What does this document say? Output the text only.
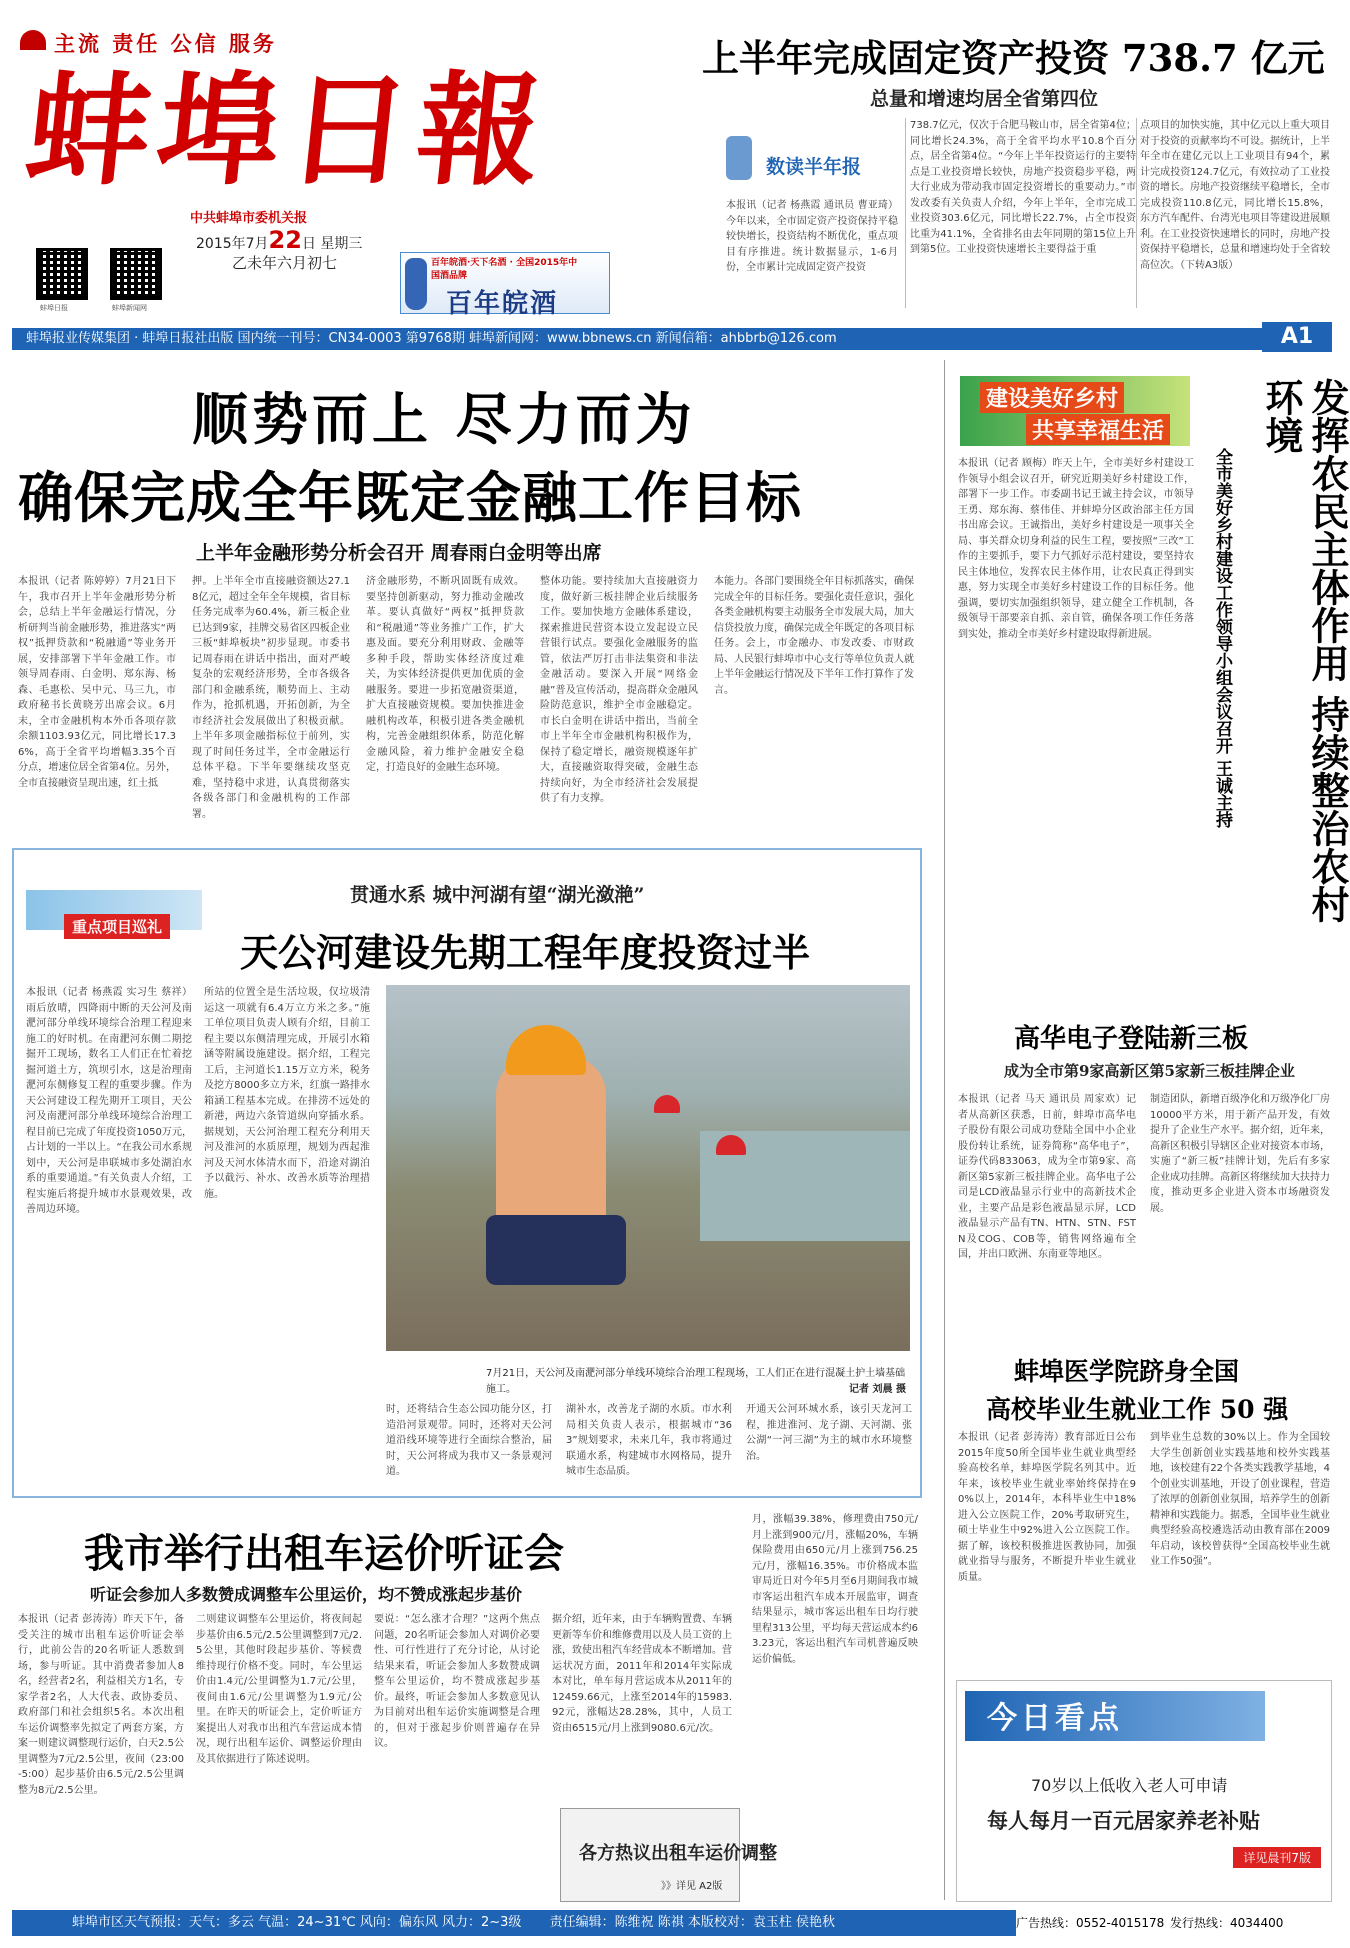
主流 责任 公信 服务
蚌埠日報
蚌埠日报	蚌埠新闻网
中共蚌埠市委机关报
2015年7月22日 星期三
乙未年六月初七	百年皖酒·天下名酒 · 全国2015年中国酒品牌
百年皖酒
上半年完成固定资产投资 738.7 亿元
总量和增速均居全省第四位
数读半年报
本报讯（记者 杨燕霞 通讯员 曹亚琦）今年以来，全市固定资产投资保持平稳较快增长，投资结构不断优化，重点项目有序推进。统计数据显示，1-6月份，全市累计完成固定资产投资
738.7亿元，仅次于合肥马鞍山市，居全省第4位；同比增长24.3%，高于全省平均水平10.8个百分点，居全省第4位。“今年上半年投资运行的主要特点是工业投资增长较快，房地产投资稳步平稳，两大行业成为带动我市固定投资增长的重要动力。”市发改委有关负责人介绍，今年上半年，全市完成工业投资303.6亿元，同比增长22.7%，占全市投资比重为41.1%，全省排名由去年同期的第15位上升到第5位。工业投资快速增长主要得益于重
点项目的加快实施，其中亿元以上重大项目对于投资的贡献率均不可设。据统计，上半年全市在建亿元以上工业项目有94个，累计完成投资124.7亿元，有效拉动了工业投资的增长。房地产投资继续平稳增长，全市完成投资110.8亿元，同比增长15.8%，东方汽车配件、台湾光电项目等建设进展顺利。在工业投资快速增长的同时，房地产投资保持平稳增长，总量和增速均处于全省较高位次。（下转A3版）
蚌埠报业传媒集团 · 蚌埠日报社出版 国内统一刊号：CN34-0003 第9768期 蚌埠新闻网：www.bbnews.cn 新闻信箱：ahbbrb@126.com	A1
顺势而上 尽力而为
确保完成全年既定金融工作目标
上半年金融形势分析会召开 周春雨白金明等出席
本报讯（记者 陈婷婷）7月21日下午，我市召开上半年金融形势分析会，总结上半年金融运行情况，分析研判当前金融形势，推进落实“两权”抵押贷款和“税融通”等业务开展，安排部署下半年金融工作。市领导周春雨、白金明、郑东海、杨森、毛惠松、吴中元、马三九，市政府秘书长黄晓芳出席会议。6月末，全市金融机构本外币各项存款余额1103.93亿元，同比增长17.36%，高于全省平均增幅3.35个百分点，增速位居全省第4位。另外，全市直接融资呈现出速，红土抵
押。上半年全市直接融资额达27.18亿元，超过全年全年规模，省目标任务完成率为60.4%，新三板企业已达到9家，挂牌交易省区四板企业三板“蚌埠板块”初步显现。市委书记周春雨在讲话中指出，面对严峻复杂的宏观经济形势，全市各级各部门和金融系统，顺势而上、主动作为，抢抓机遇，开拓创新，为全市经济社会发展做出了积极贡献。上半年多项金融指标位于前列，实现了时间任务过半，全市金融运行总体平稳。下半年要继续攻坚克难，坚持稳中求进，认真贯彻落实各级各部门和金融机构的工作部署。
济金融形势，不断巩固既有成效。要坚持创新驱动，努力推动金融改革。要认真做好“两权”抵押贷款和“税融通”等业务推广工作，扩大惠及面。要充分利用财政、金融等多种手段，帮助实体经济度过难关，为实体经济提供更加优质的金融服务。要进一步拓宽融资渠道，扩大直接融资规模。要加快推进金融机构改革，积极引进各类金融机构，完善金融组织体系，防范化解金融风险，着力维护金融安全稳定，打造良好的金融生态环境。
整体功能。要持续加大直接融资力度，做好新三板挂牌企业后续服务工作。要加快地方金融体系建设，探索推进民营资本设立发起设立民营银行试点。要强化金融服务的监管，依法严厉打击非法集资和非法金融活动。要深入开展“网络金融”普及宣传活动，提高群众金融风险防范意识，维护全市金融稳定。市长白金明在讲话中指出，当前全市上半年全市金融机构积极作为，保持了稳定增长，融资规模逐年扩大，直接融资取得突破，金融生态持续向好，为全市经济社会发展提供了有力支撑。
本能力。各部门要围绕全年目标抓落实，确保完成全年的目标任务。要强化责任意识，强化各类金融机构要主动服务全市发展大局，加大信贷投放力度，确保完成全年既定的各项目标任务。会上，市金融办、市发改委、市财政局、人民银行蚌埠市中心支行等单位负责人就上半年金融运行情况及下半年工作打算作了发言。
贯通水系 城中河湖有望“湖光潋滟”
重点项目巡礼
天公河建设先期工程年度投资过半
本报讯（记者 杨燕霞 实习生 蔡祥）雨后放晴，四降雨中断的天公河及南淝河部分单线环境综合治理工程迎来施工的好时机。在南淝河东侧二期挖掘开工现场，数名工人们正在忙着挖掘河道土方，筑坝引水，这是治理南淝河东侧修复工程的重要步骤。作为天公河建设工程先期开工项目，天公河及南淝河部分单线环境综合治理工程目前已完成了年度投资1050万元，占计划的一半以上。“在我公司水系规划中，天公河是串联城市多处湖泊水系的重要通道。”有关负责人介绍，工程实施后将提升城市水景观效果，改善周边环境。
所站的位置全是生活垃圾，仅垃圾清运这一项就有6.4万立方米之多。”施工单位项目负责人顾有介绍，目前工程主要以东侧清理完成，开展引水箱涵等附属设施建设。据介绍，工程完工后，主河道长1.15万立方米，税务及挖方8000多立方米，红旗一路排水箱涵工程基本完成。在排涝不远处的新港，两边六条管道纵向穿插水系。据规划，天公河治理工程充分利用天河及淮河的水质原理，规划为西起淮河及天河水体清水而下，沿途对湖泊予以截污、补水、改善水质等治理措施。
7月21日，天公河及南淝河部分单线环境综合治理工程现场，工人们正在进行混凝土护土墙基础施工。	记者 刘晨 摄
时，还将结合生态公园功能分区，打造沿河景观带。同时，还将对天公河道沿线环境等进行全面综合整治，届时，天公河将成为我市又一条景观河道。
湖补水，改善龙子湖的水质。市水利局相关负责人表示，根据城市“363”规划要求，未来几年，我市将通过联通水系，构建城市水网格局，提升城市生态品质。
开通天公河环城水系，该引天龙河工程，推进淮河、龙子湖、天河湖、张公湖“一河三湖”为主的城市水环境整治。
我市举行出租车运价听证会
听证会参加人多数赞成调整车公里运价，均不赞成涨起步基价
本报讯（记者 彭涛涛）昨天下午，备受关注的城市出租车运价听证会举行，此前公告的20名听证人悉数到场，参与听证。其中消费者参加人8名，经营者2名，利益相关方1名，专家学者2名，人大代表、政协委员、政府部门和社会组织5名。本次出租车运价调整率先拟定了两套方案，方案一则建议调整现行运价，白天2.5公里调整为7元/2.5公里，夜间（23:00-5:00）起步基价由6.5元/2.5公里调整为8元/2.5公里。
二则建议调整车公里运价，将夜间起步基价由6.5元/2.5公里调整到7元/2.5公里，其他时段起步基价、等候费维持现行价格不变。同时，车公里运价由1.4元/公里调整为1.7元/公里，夜间由1.6元/公里调整为1.9元/公里。在昨天的听证会上，定价听证方案提出人对我市出租汽车营运成本情况，现行出租车运价、调整运价理由及其依据进行了陈述说明。
要说：“怎么涨才合理？”这两个焦点问题，20名听证会参加人对调价必要性、可行性进行了充分讨论，从讨论结果来看，听证会参加人多数赞成调整车公里运价，均不赞成涨起步基价。最终，听证会参加人多数意见认为目前对出租车运价实施调整是合理的，但对于涨起步价则普遍存在异议。
据介绍，近年来，由于车辆购置费、车辆更新等车价和维修费用以及人员工资的上涨，致使出租汽车经营成本不断增加。营运状况方面，2011年和2014年实际成本对比，单车每月营运成本从2011年的12459.66元，上涨至2014年的15983.92元，涨幅达28.28%，其中，人员工资由6515元/月上涨到9080.6元/次。
月，涨幅39.38%，修理费由750元/月上涨到900元/月，涨幅20%，车辆保险费用由650元/月上涨到756.25元/月，涨幅16.35%。市价格成本监审局近日对今年5月至6月期间我市城市客运出租汽车成本开展监审，调查结果显示，城市客运出租车日均行驶里程313公里，平均每天营运成本约63.23元，客运出租汽车司机普遍反映运价偏低。
各方热议出租车运价调整
》》详见 A2版
建设美好乡村
共享幸福生活	发挥农民主体作用 持续整治农村环境
全市美好乡村建设工作领导小组会议召开 王诚主持
本报讯（记者 顾梅）昨天上午，全市美好乡村建设工作领导小组会议召开，研究近期美好乡村建设工作，部署下一步工作。市委副书记王诚主持会议，市领导王勇、郑东海、蔡伟佳、并蚌埠分区政治部主任方国书出席会议。王诚指出，美好乡村建设是一项事关全局、事关群众切身利益的民生工程，要按照“三改”工作的主要抓手，要下力气抓好示范村建设，要坚持农民主体地位，发挥农民主体作用，让农民真正得到实惠，努力实现全市美好乡村建设工作的目标任务。他强调，要切实加强组织领导，建立健全工作机制，各级领导干部要亲自抓、亲自管，确保各项工作任务落到实处，推动全市美好乡村建设取得新进展。
高华电子登陆新三板
成为全市第9家高新区第5家新三板挂牌企业
本报讯（记者 马天 通讯员 周家欢）记者从高新区获悉，日前，蚌埠市高华电子股份有限公司成功登陆全国中小企业股份转让系统，证券简称“高华电子”，证券代码833063，成为全市第9家、高新区第5家新三板挂牌企业。高华电子公司是LCD液晶显示行业中的高新技术企业，主要产品是彩色液晶显示屏，LCD液晶显示产品有TN、HTN、STN、FSTN及COG、COB等，销售网络遍布全国，并出口欧洲、东南亚等地区。
制造团队，新增百级净化和万级净化厂房10000平方米，用于新产品开发，有效提升了企业生产水平。据介绍，近年来，高新区积极引导辖区企业对接资本市场，实施了“新三板”挂牌计划，先后有多家企业成功挂牌。高新区将继续加大扶持力度，推动更多企业进入资本市场融资发展。
蚌埠医学院跻身全国
高校毕业生就业工作 50 强
本报讯（记者 彭涛涛）教育部近日公布2015年度50所全国毕业生就业典型经验高校名单，蚌埠医学院名列其中。近年来，该校毕业生就业率始终保持在90%以上，2014年，本科毕业生中18%进入公立医院工作，20%考取研究生，硕士毕业生中92%进入公立医院工作。据了解，该校积极推进医教协同，加强就业指导与服务，不断提升毕业生就业质量。
到毕业生总数的30%以上。作为全国较大学生创新创业实践基地和校外实践基地，该校建有22个各类实践教学基地，4个创业实训基地，开设了创业课程，营造了浓厚的创新创业氛围，培养学生的创新精神和实践能力。据悉，全国毕业生就业典型经验高校遴选活动由教育部在2009年启动，该校曾获得“全国高校毕业生就业工作50强”。
今日看点
70岁以上低收入老人可申请
每人每月一百元居家养老补贴
详见晨刊7版
蚌埠市区天气预报：天气：多云 气温：24~31℃ 风向：偏东风 风力：2~3级 责任编辑：陈维祝 陈祺 本版校对：袁玉柱 侯艳秋	广告热线：0552-4015178 发行热线：4034400
